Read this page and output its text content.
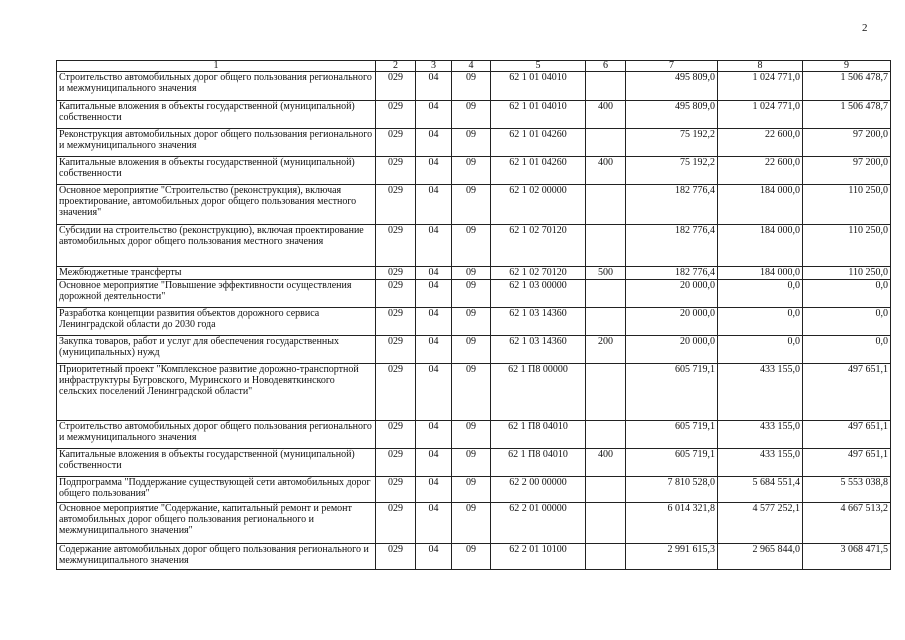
2
1	2	3	4	5	6	7	8	9
Строительство автомобильных дорог общего пользования регионального и межмуниципального значения	029	04	09	62 1 01 04010		495 809,0	1 024 771,0	1 506 478,7
Капитальные вложения в объекты государственной (муниципальной) собственности	029	04	09	62 1 01 04010	400	495 809,0	1 024 771,0	1 506 478,7
Реконструкция автомобильных дорог общего пользования регионального и межмуниципального значения	029	04	09	62 1 01 04260		75 192,2	22 600,0	97 200,0
Капитальные вложения в объекты государственной (муниципальной) собственности	029	04	09	62 1 01 04260	400	75 192,2	22 600,0	97 200,0
Основное мероприятие "Строительство (реконструкция), включая проектирование, автомобильных дорог общего пользования местного значения"	029	04	09	62 1 02 00000		182 776,4	184 000,0	110 250,0
Субсидии на строительство (реконструкцию), включая проектирование автомобильных дорог общего пользования местного значения	029	04	09	62 1 02 70120		182 776,4	184 000,0	110 250,0
Межбюджетные трансферты	029	04	09	62 1 02 70120	500	182 776,4	184 000,0	110 250,0
Основное мероприятие "Повышение эффективности осуществления дорожной деятельности"	029	04	09	62 1 03 00000		20 000,0	0,0	0,0
Разработка концепции развития объектов дорожного сервиса Ленинградской области до 2030 года	029	04	09	62 1 03 14360		20 000,0	0,0	0,0
Закупка товаров, работ и услуг для обеспечения государственных (муниципальных) нужд	029	04	09	62 1 03 14360	200	20 000,0	0,0	0,0
Приоритетный проект "Комплексное развитие дорожно-транспортной инфраструктуры Бугровского, Муринского и Новодевяткинского сельских поселений Ленинградской области"	029	04	09	62 1 П8 00000		605 719,1	433 155,0	497 651,1
Строительство автомобильных дорог общего пользования регионального и межмуниципального значения	029	04	09	62 1 П8 04010		605 719,1	433 155,0	497 651,1
Капитальные вложения в объекты государственной (муниципальной) собственности	029	04	09	62 1 П8 04010	400	605 719,1	433 155,0	497 651,1
Подпрограмма "Поддержание существующей сети автомобильных дорог общего пользования"	029	04	09	62 2 00 00000		7 810 528,0	5 684 551,4	5 553 038,8
Основное мероприятие "Содержание, капитальный ремонт и ремонт автомобильных дорог общего пользования регионального и межмуниципального значения"	029	04	09	62 2 01 00000		6 014 321,8	4 577 252,1	4 667 513,2
Содержание автомобильных дорог общего пользования регионального и межмуниципального значения	029	04	09	62 2 01 10100		2 991 615,3	2 965 844,0	3 068 471,5
